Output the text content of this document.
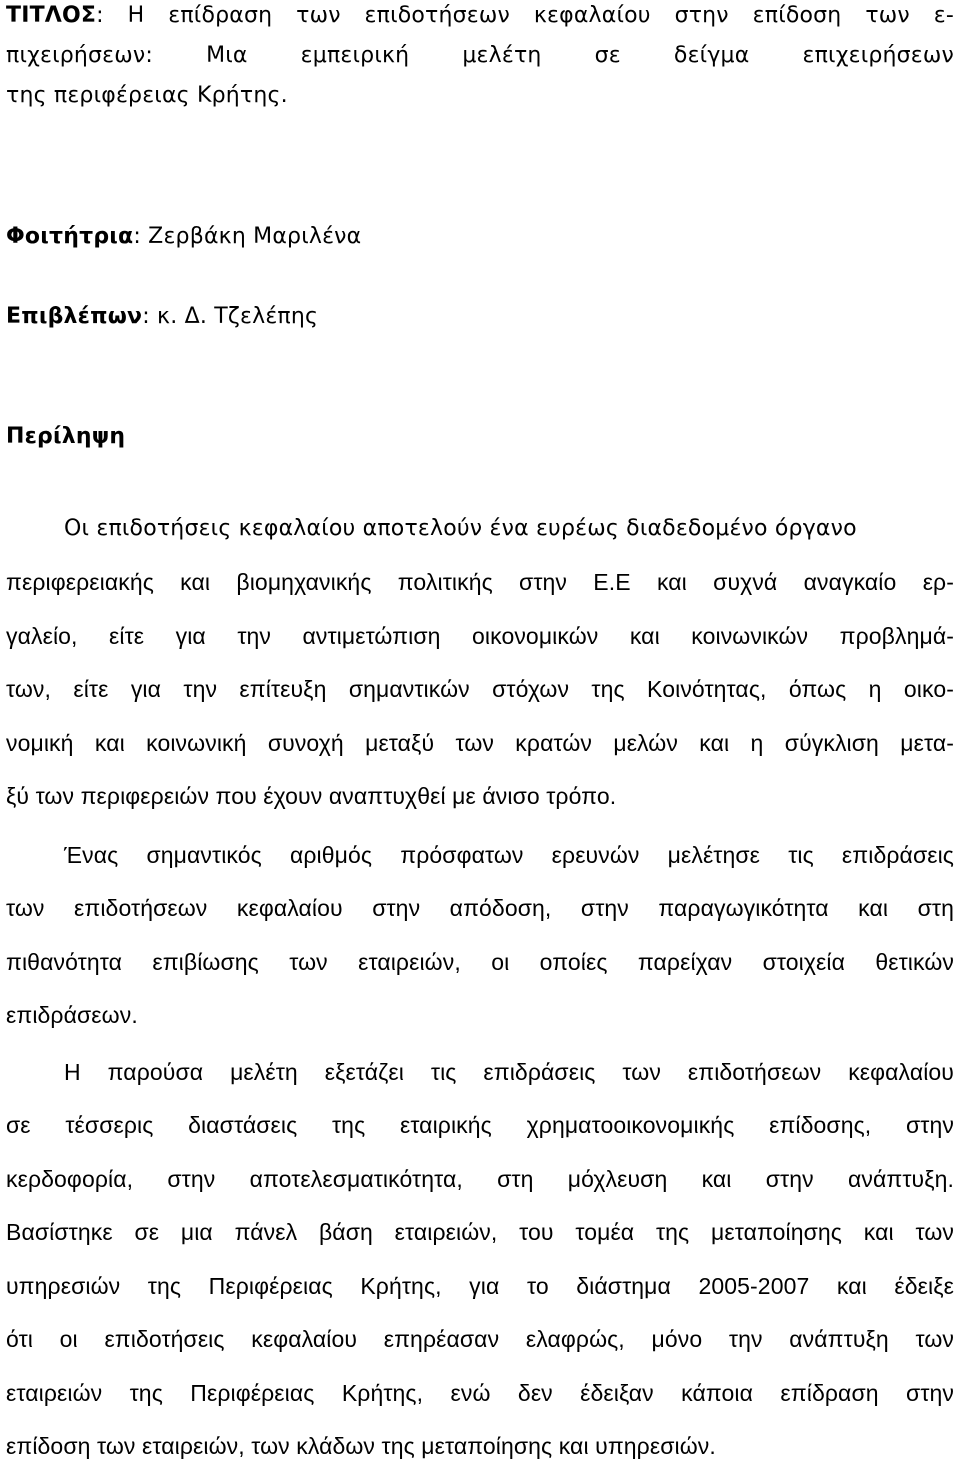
ΤΙΤΛΟΣ: Η επίδραση των επιδοτήσεων κεφαλαίου στην επίδοση των ε-
πιχειρήσεων: Μια εμπειρική μελέτη σε δείγμα επιχειρήσεων
της περιφέρειας Κρήτης.
Φοιτήτρια: Ζερβάκη Μαριλένα
Επιβλέπων: κ. Δ. Τζελέπης
Περίληψη
Οι επιδοτήσεις κεφαλαίου αποτελούν ένα ευρέως διαδεδομένο όργανο
περιφερειακής και βιομηχανικής πολιτικής στην Ε.Ε και συχνά αναγκαίο ερ-
γαλείο, είτε για την αντιμετώπιση οικονομικών και κοινωνικών προβλημά-
των, είτε για την επίτευξη σημαντικών στόχων της Κοινότητας, όπως η οικο-
νομική και κοινωνική συνοχή μεταξύ των κρατών μελών και η σύγκλιση μετα-
ξύ των περιφερειών που έχουν αναπτυχθεί με άνισο τρόπο.
Ένας σημαντικός αριθμός πρόσφατων ερευνών μελέτησε τις επιδράσεις
των επιδοτήσεων κεφαλαίου στην απόδοση, στην παραγωγικότητα και στη
πιθανότητα επιβίωσης των εταιρειών, οι οποίες παρείχαν στοιχεία θετικών
επιδράσεων.
Η παρούσα μελέτη εξετάζει τις επιδράσεις των επιδοτήσεων κεφαλαίου
σε τέσσερις διαστάσεις της εταιρικής χρηματοοικονομικής επίδοσης, στην
κερδοφορία, στην αποτελεσματικότητα, στη μόχλευση και στην ανάπτυξη.
Βασίστηκε σε μια πάνελ βάση εταιρειών, του τομέα της μεταποίησης και των
υπηρεσιών της Περιφέρειας Κρήτης, για το διάστημα 2005-2007 και έδειξε
ότι οι επιδοτήσεις κεφαλαίου επηρέασαν ελαφρώς, μόνο την ανάπτυξη των
εταιρειών της Περιφέρειας Κρήτης, ενώ δεν έδειξαν κάποια επίδραση στην
επίδοση των εταιρειών, των κλάδων της μεταποίησης και υπηρεσιών.
